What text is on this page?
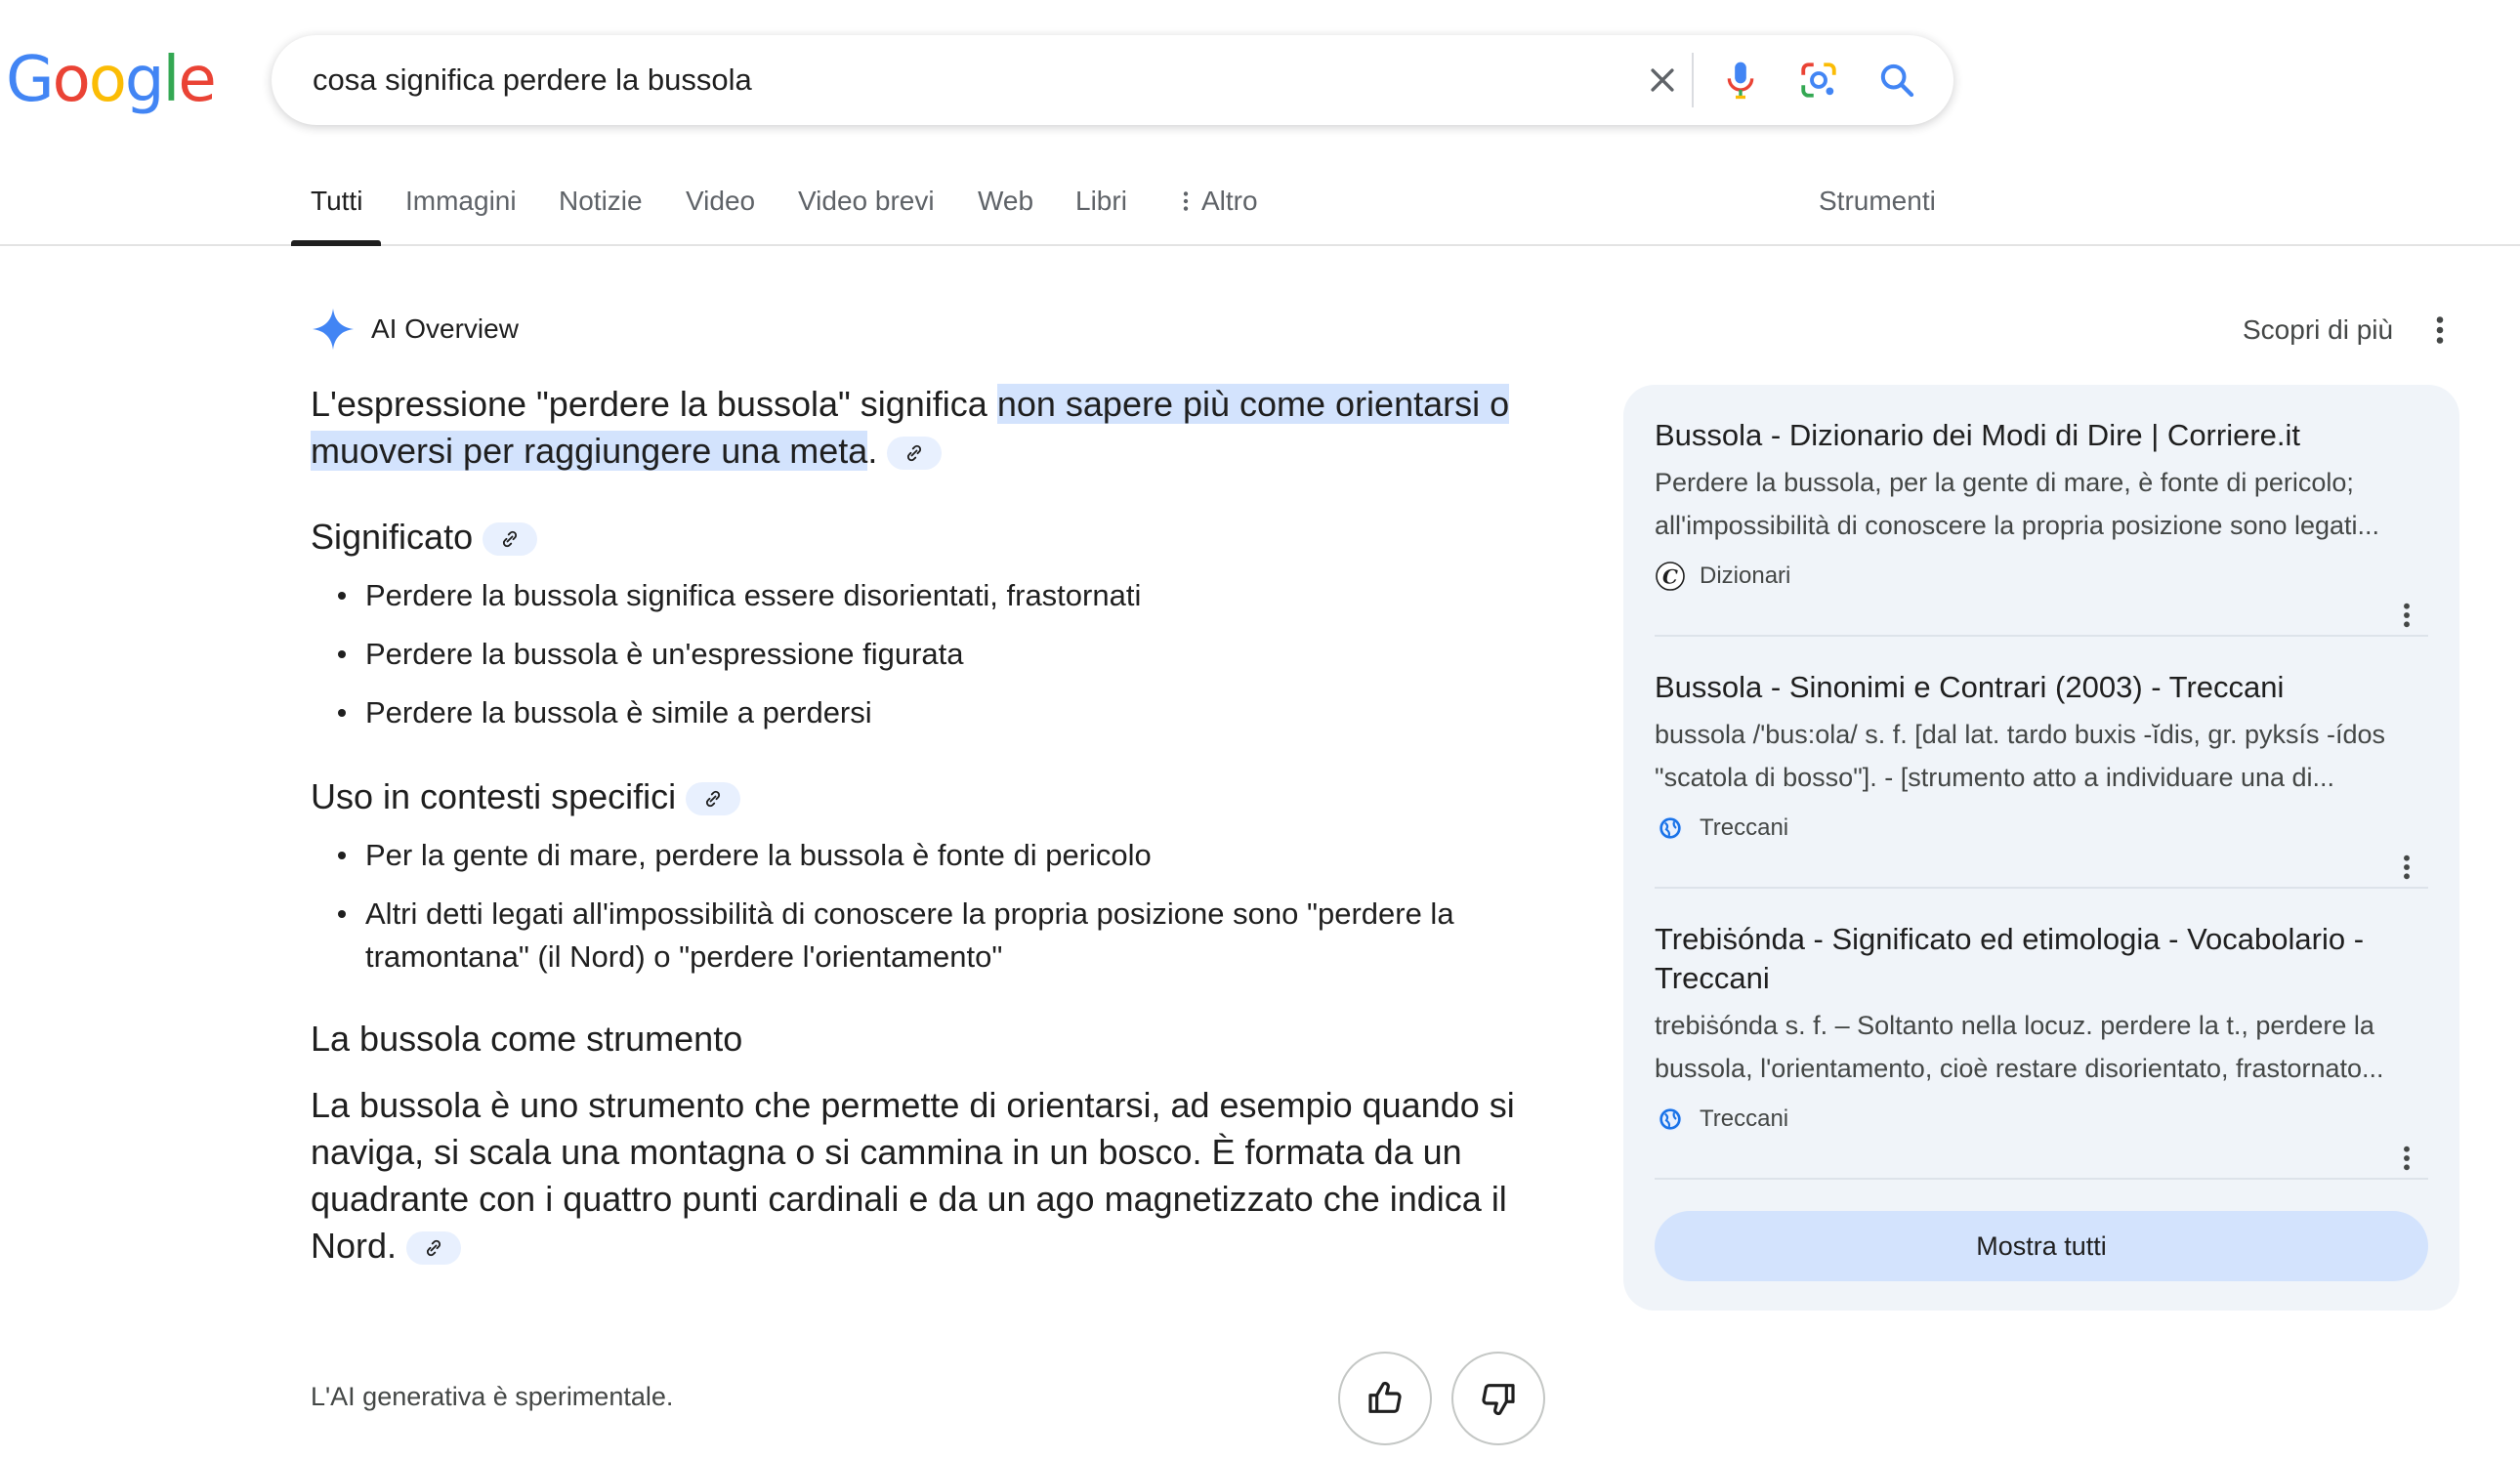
Google
cosa significa perdere la bussola
Tutti Immagini Notizie Video Video brevi Web Libri	Altro	Strumenti
AI Overview	Scopri di più
L'espressione "perdere la bussola" significa non sapere più come orientarsi o muoversi per raggiungere una meta.
Significato
Perdere la bussola significa essere disorientati, frastornati
Perdere la bussola è un'espressione figurata
Perdere la bussola è simile a perdersi
Uso in contesti specifici
Per la gente di mare, perdere la bussola è fonte di pericolo
Altri detti legati all'impossibilità di conoscere la propria posizione sono "perdere la tramontana" (il Nord) o "perdere l'orientamento"
La bussola come strumento
La bussola è uno strumento che permette di orientarsi, ad esempio quando si naviga, si scala una montagna o si cammina in un bosco. È formata da un quadrante con i quattro punti cardinali e da un ago magnetizzato che indica il Nord.
L'AI generativa è sperimentale.
Bussola - Dizionario dei Modi di Dire | Corriere.it
Perdere la bussola, per la gente di mare, è fonte di pericolo; all'impossibilità di conoscere la propria posizione sono legati...
C Dizionari
Bussola - Sinonimi e Contrari (2003) - Treccani
bussola /'bus:ola/ s. f. [dal lat. tardo buxis -ĭdis, gr. pyksís -ídos "scatola di bosso"]. - [strumento atto a individuare una di...
Treccani
Trebiṡónda - Significato ed etimologia - Vocabolario - Treccani
trebiṡónda s. f. – Soltanto nella locuz. perdere la t., perdere la bussola, l'orientamento, cioè restare disorientato, frastornato...
Treccani
Mostra tutti
